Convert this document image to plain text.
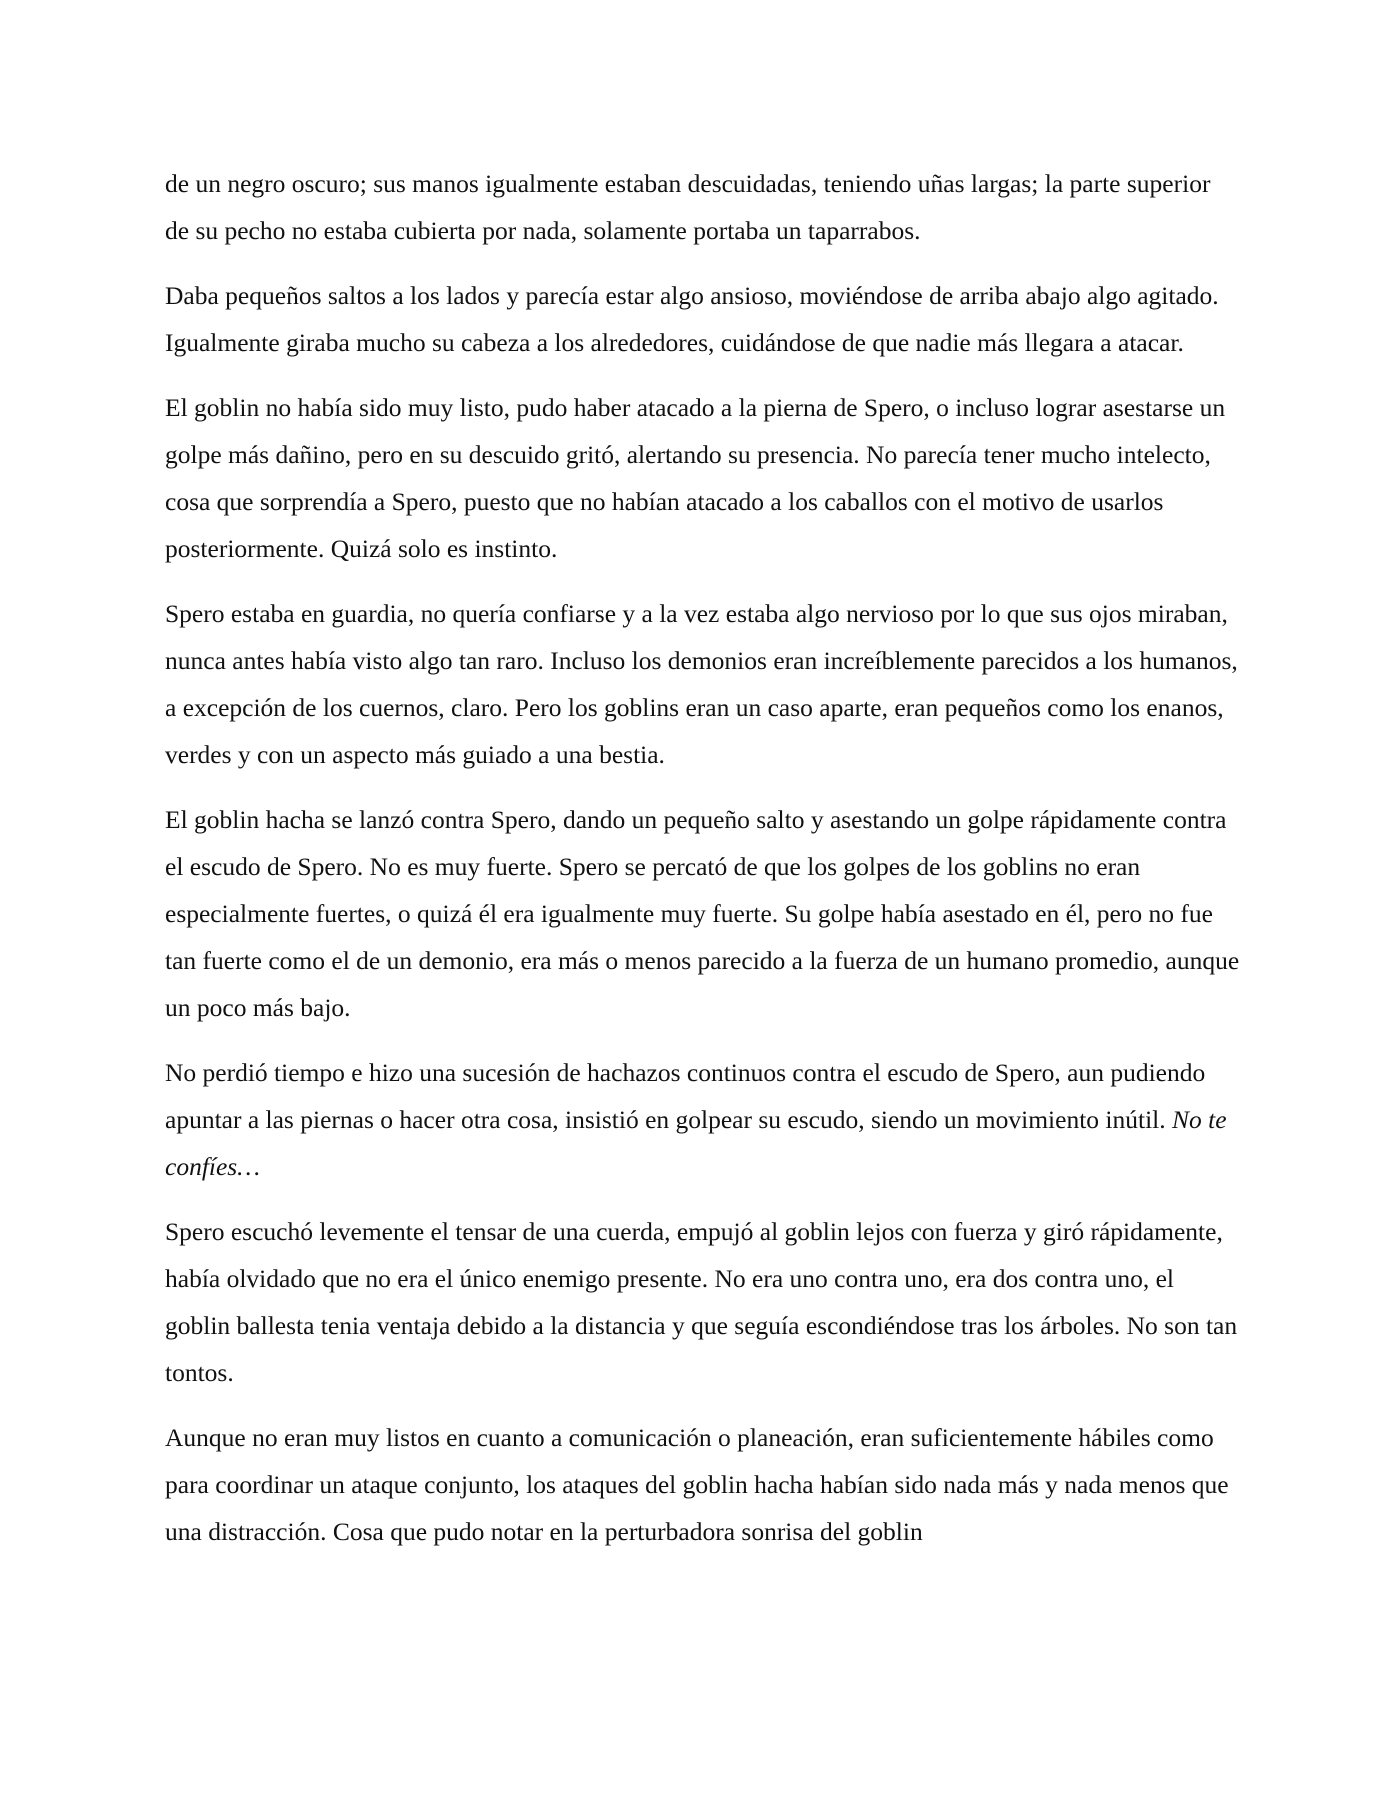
de un negro oscuro; sus manos igualmente estaban descuidadas, teniendo uñas largas; la parte superior de su pecho no estaba cubierta por nada, solamente portaba un taparrabos.

Daba pequeños saltos a los lados y parecía estar algo ansioso, moviéndose de arriba abajo algo agitado. Igualmente giraba mucho su cabeza a los alrededores, cuidándose de que nadie más llegara a atacar.

El goblin no había sido muy listo, pudo haber atacado a la pierna de Spero, o incluso lograr asestarse un golpe más dañino, pero en su descuido gritó, alertando su presencia. No parecía tener mucho intelecto, cosa que sorprendía a Spero, puesto que no habían atacado a los caballos con el motivo de usarlos posteriormente. Quizá solo es instinto.

Spero estaba en guardia, no quería confiarse y a la vez estaba algo nervioso por lo que sus ojos miraban, nunca antes había visto algo tan raro. Incluso los demonios eran increíblemente parecidos a los humanos, a excepción de los cuernos, claro. Pero los goblins eran un caso aparte, eran pequeños como los enanos, verdes y con un aspecto más guiado a una bestia.

El goblin hacha se lanzó contra Spero, dando un pequeño salto y asestando un golpe rápidamente contra el escudo de Spero. No es muy fuerte. Spero se percató de que los golpes de los goblins no eran especialmente fuertes, o quizá él era igualmente muy fuerte. Su golpe había asestado en él, pero no fue tan fuerte como el de un demonio, era más o menos parecido a la fuerza de un humano promedio, aunque un poco más bajo.

No perdió tiempo e hizo una sucesión de hachazos continuos contra el escudo de Spero, aun pudiendo apuntar a las piernas o hacer otra cosa, insistió en golpear su escudo, siendo un movimiento inútil. No te confíes…

Spero escuchó levemente el tensar de una cuerda, empujó al goblin lejos con fuerza y giró rápidamente, había olvidado que no era el único enemigo presente. No era uno contra uno, era dos contra uno, el goblin ballesta tenia ventaja debido a la distancia y que seguía escondiéndose tras los árboles. No son tan tontos.

Aunque no eran muy listos en cuanto a comunicación o planeación, eran suficientemente hábiles como para coordinar un ataque conjunto, los ataques del goblin hacha habían sido nada más y nada menos que una distracción. Cosa que pudo notar en la perturbadora sonrisa del goblin
